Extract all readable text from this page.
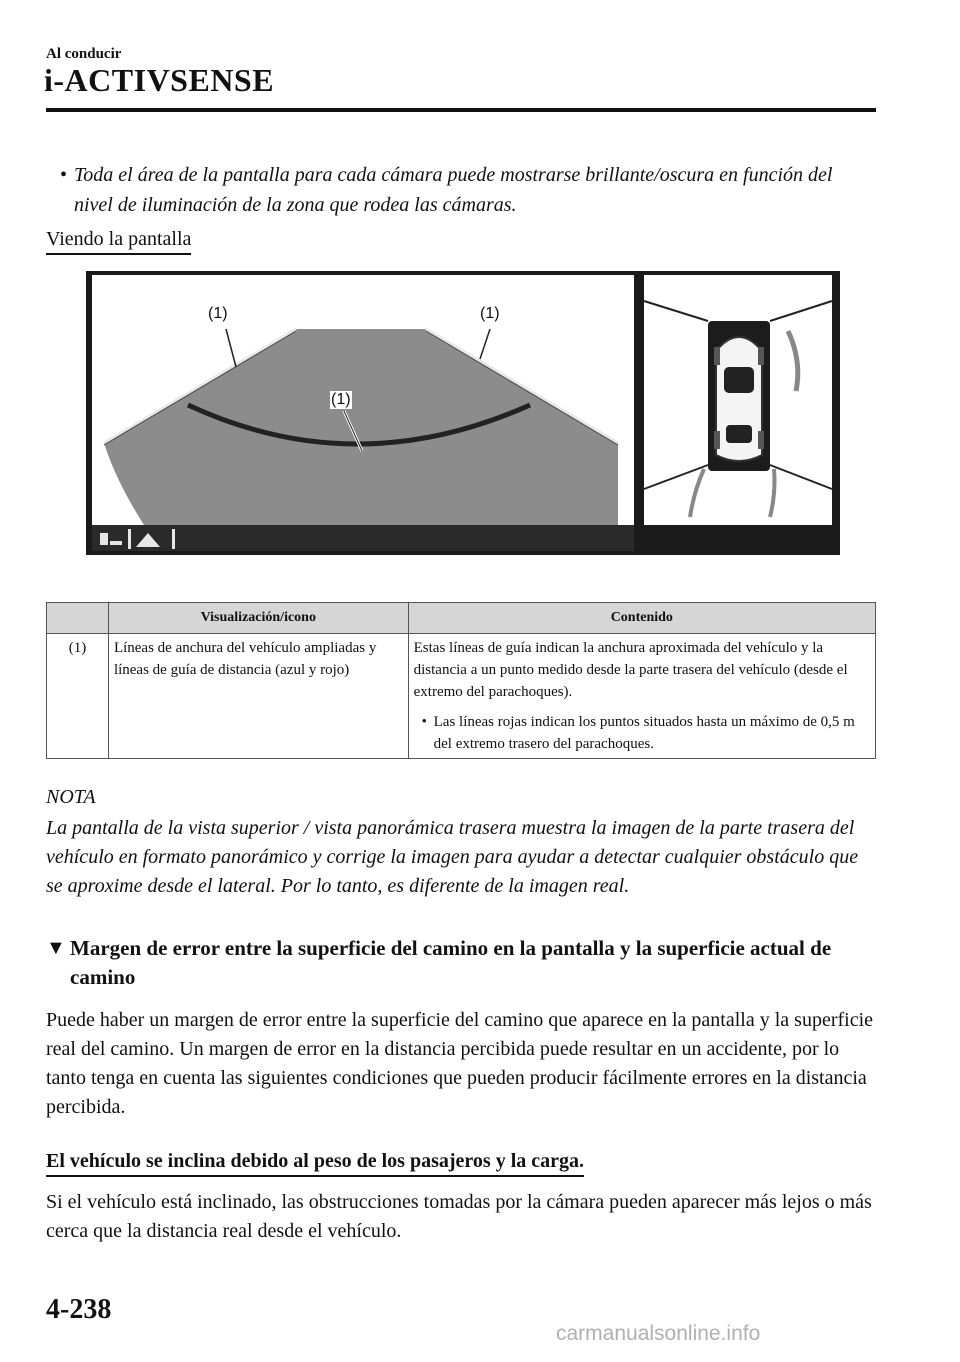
Al conducir
i-ACTIVSENSE
• Toda el área de la pantalla para cada cámara puede mostrarse brillante/oscura en función del nivel de iluminación de la zona que rodea las cámaras.
Viendo la pantalla
(1)	(1)
(1)
	Visualización/icono	Contenido
(1)	Líneas de anchura del vehículo ampliadas y líneas de guía de distancia (azul y rojo)	Estas líneas de guía indican la anchura aproximada del vehículo y la distancia a un punto medido desde la parte trasera del vehículo (desde el extremo del parachoques).
• Las líneas rojas indican los puntos situados hasta un máximo de 0,5 m del extremo trasero del parachoques.
NOTA
La pantalla de la vista superior / vista panorámica trasera muestra la imagen de la parte trasera del vehículo en formato panorámico y corrige la imagen para ayudar a detectar cualquier obstáculo que se aproxime desde el lateral. Por lo tanto, es diferente de la imagen real.
▼ Margen de error entre la superficie del camino en la pantalla y la superficie actual de camino
Puede haber un margen de error entre la superficie del camino que aparece en la pantalla y la superficie real del camino. Un margen de error en la distancia percibida puede resultar en un accidente, por lo tanto tenga en cuenta las siguientes condiciones que pueden producir fácilmente errores en la distancia percibida.
El vehículo se inclina debido al peso de los pasajeros y la carga.
Si el vehículo está inclinado, las obstrucciones tomadas por la cámara pueden aparecer más lejos o más cerca que la distancia real desde el vehículo.
4-238
carmanualsonline.info
